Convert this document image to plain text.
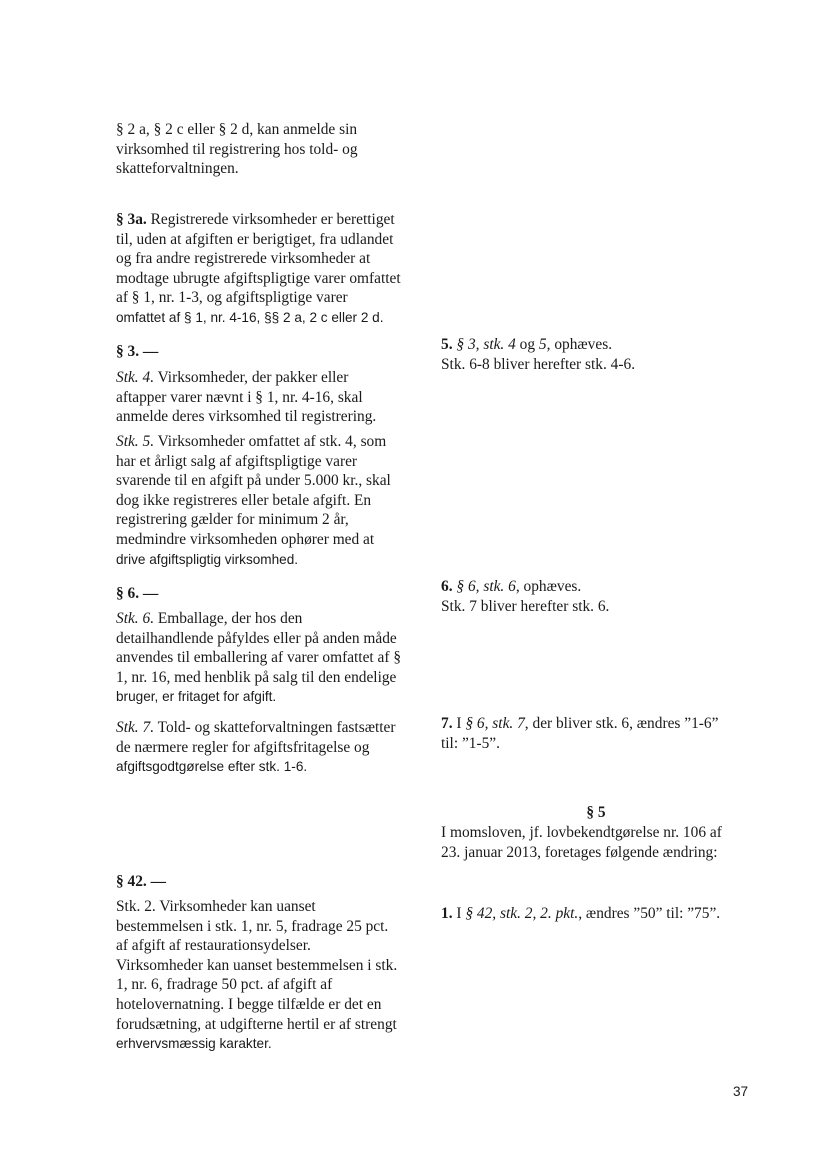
§ 2 a, § 2 c eller § 2 d, kan anmelde sin

virksomhed til registrering hos told- og

skatteforvaltningen.

§ 3a. Registrerede virksomheder er berettiget

til, uden at afgiften er berigtiget, fra udlandet

og fra andre registrerede virksomheder at

modtage ubrugte afgiftspligtige varer omfattet

af § 1, nr. 1-3, og afgiftspligtige varer

omfattet af § 1, nr. 4-16, §§ 2 a, 2 c eller 2 d.

§ 3. —

Stk. 4. Virksomheder, der pakker eller

aftapper varer nævnt i § 1, nr. 4-16, skal

anmelde deres virksomhed til registrering.

Stk. 5. Virksomheder omfattet af stk. 4, som

har et årligt salg af afgiftspligtige varer

svarende til en afgift på under 5.000 kr., skal

dog ikke registreres eller betale afgift. En

registrering gælder for minimum 2 år,

medmindre virksomheden ophører med at

drive afgiftspligtig virksomhed.

§ 6. —

Stk. 6. Emballage, der hos den

detailhandlende påfyldes eller på anden måde

anvendes til emballering af varer omfattet af §

1, nr. 16, med henblik på salg til den endelige

bruger, er fritaget for afgift.

Stk. 7. Told- og skatteforvaltningen fastsætter

de nærmere regler for afgiftsfritagelse og

afgiftsgodtgørelse efter stk. 1-6.

§ 42. —

Stk. 2. Virksomheder kan uanset

bestemmelsen i stk. 1, nr. 5, fradrage 25 pct.

af afgift af restaurationsydelser.

Virksomheder kan uanset bestemmelsen i stk.

1, nr. 6, fradrage 50 pct. af afgift af

hotelovernatning. I begge tilfælde er det en

forudsætning, at udgifterne hertil er af strengt

erhvervsmæssig karakter.

5. § 3, stk. 4 og 5, ophæves.

Stk. 6-8 bliver herefter stk. 4-6.

6. § 6, stk. 6, ophæves.

Stk. 7 bliver herefter stk. 6.

7. I § 6, stk. 7, der bliver stk. 6, ændres ”1-6”

til: ”1-5”.

§ 5

I momsloven, jf. lovbekendtgørelse nr. 106 af

23. januar 2013, foretages følgende ændring:

1. I § 42, stk. 2, 2. pkt., ændres ”50” til: ”75”.

37
